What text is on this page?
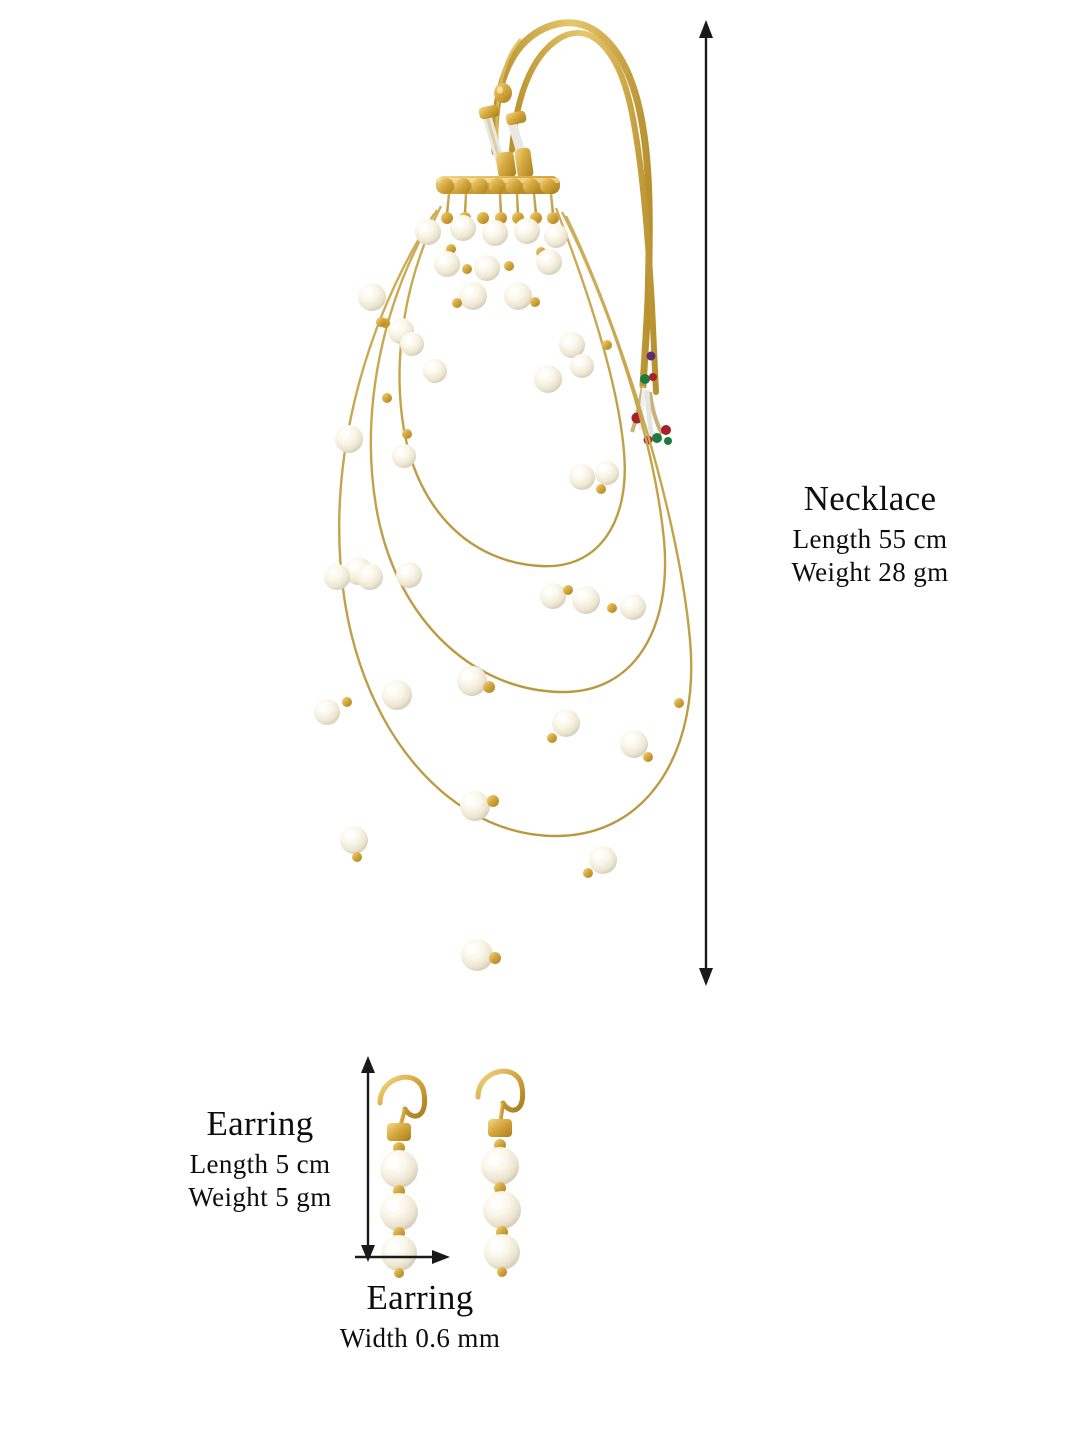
Necklace
Length 55 cm
Weight 28 gm
Earring
Length 5 cm
Weight 5 gm
Earring
Width 0.6 mm
